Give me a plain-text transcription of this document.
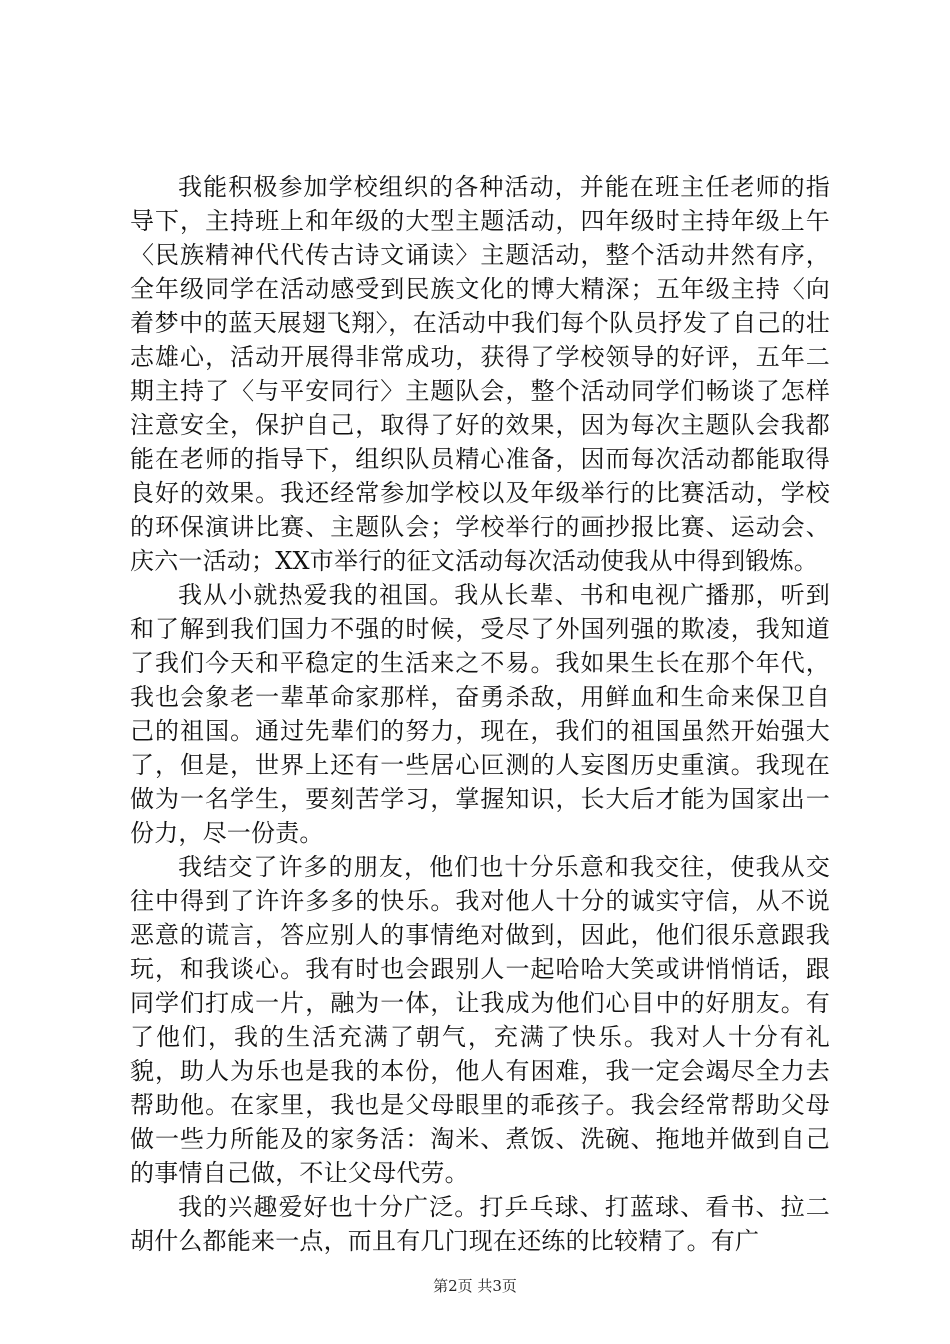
我能积极参加学校组织的各种活动，并能在班主任老师的指导下，主持班上和年级的大型主题活动，四年级时主持年级上午〈民族精神代代传古诗文诵读〉主题活动，整个活动井然有序，全年级同学在活动感受到民族文化的博大精深；五年级主持〈向着梦中的蓝天展翅飞翔〉，在活动中我们每个队员抒发了自己的壮志雄心，活动开展得非常成功，获得了学校领导的好评，五年二期主持了〈与平安同行〉主题队会，整个活动同学们畅谈了怎样注意安全，保护自己，取得了好的效果，因为每次主题队会我都能在老师的指导下，组织队员精心准备，因而每次活动都能取得良好的效果。我还经常参加学校以及年级举行的比赛活动，学校的环保演讲比赛、主题队会；学校举行的画抄报比赛、运动会、庆六一活动；XX市举行的征文活动每次活动使我从中得到锻炼。

我从小就热爱我的祖国。我从长辈、书和电视广播那，听到和了解到我们国力不强的时候，受尽了外国列强的欺凌，我知道了我们今天和平稳定的生活来之不易。我如果生长在那个年代，我也会象老一辈革命家那样，奋勇杀敌，用鲜血和生命来保卫自己的祖国。通过先辈们的努力，现在，我们的祖国虽然开始强大了，但是，世界上还有一些居心叵测的人妄图历史重演。我现在做为一名学生，要刻苦学习，掌握知识，长大后才能为国家出一份力，尽一份责。

我结交了许多的朋友，他们也十分乐意和我交往，使我从交往中得到了许许多多的快乐。我对他人十分的诚实守信，从不说恶意的谎言，答应别人的事情绝对做到，因此，他们很乐意跟我玩，和我谈心。我有时也会跟别人一起哈哈大笑或讲悄悄话，跟同学们打成一片，融为一体，让我成为他们心目中的好朋友。有了他们，我的生活充满了朝气，充满了快乐。我对人十分有礼貌，助人为乐也是我的本份，他人有困难，我一定会竭尽全力去帮助他。在家里，我也是父母眼里的乖孩子。我会经常帮助父母做一些力所能及的家务活：淘米、煮饭、洗碗、拖地并做到自己的事情自己做，不让父母代劳。

我的兴趣爱好也十分广泛。打乒乓球、打蓝球、看书、拉二胡什么都能来一点，而且有几门现在还练的比较精了。有广

第2页 共3页
